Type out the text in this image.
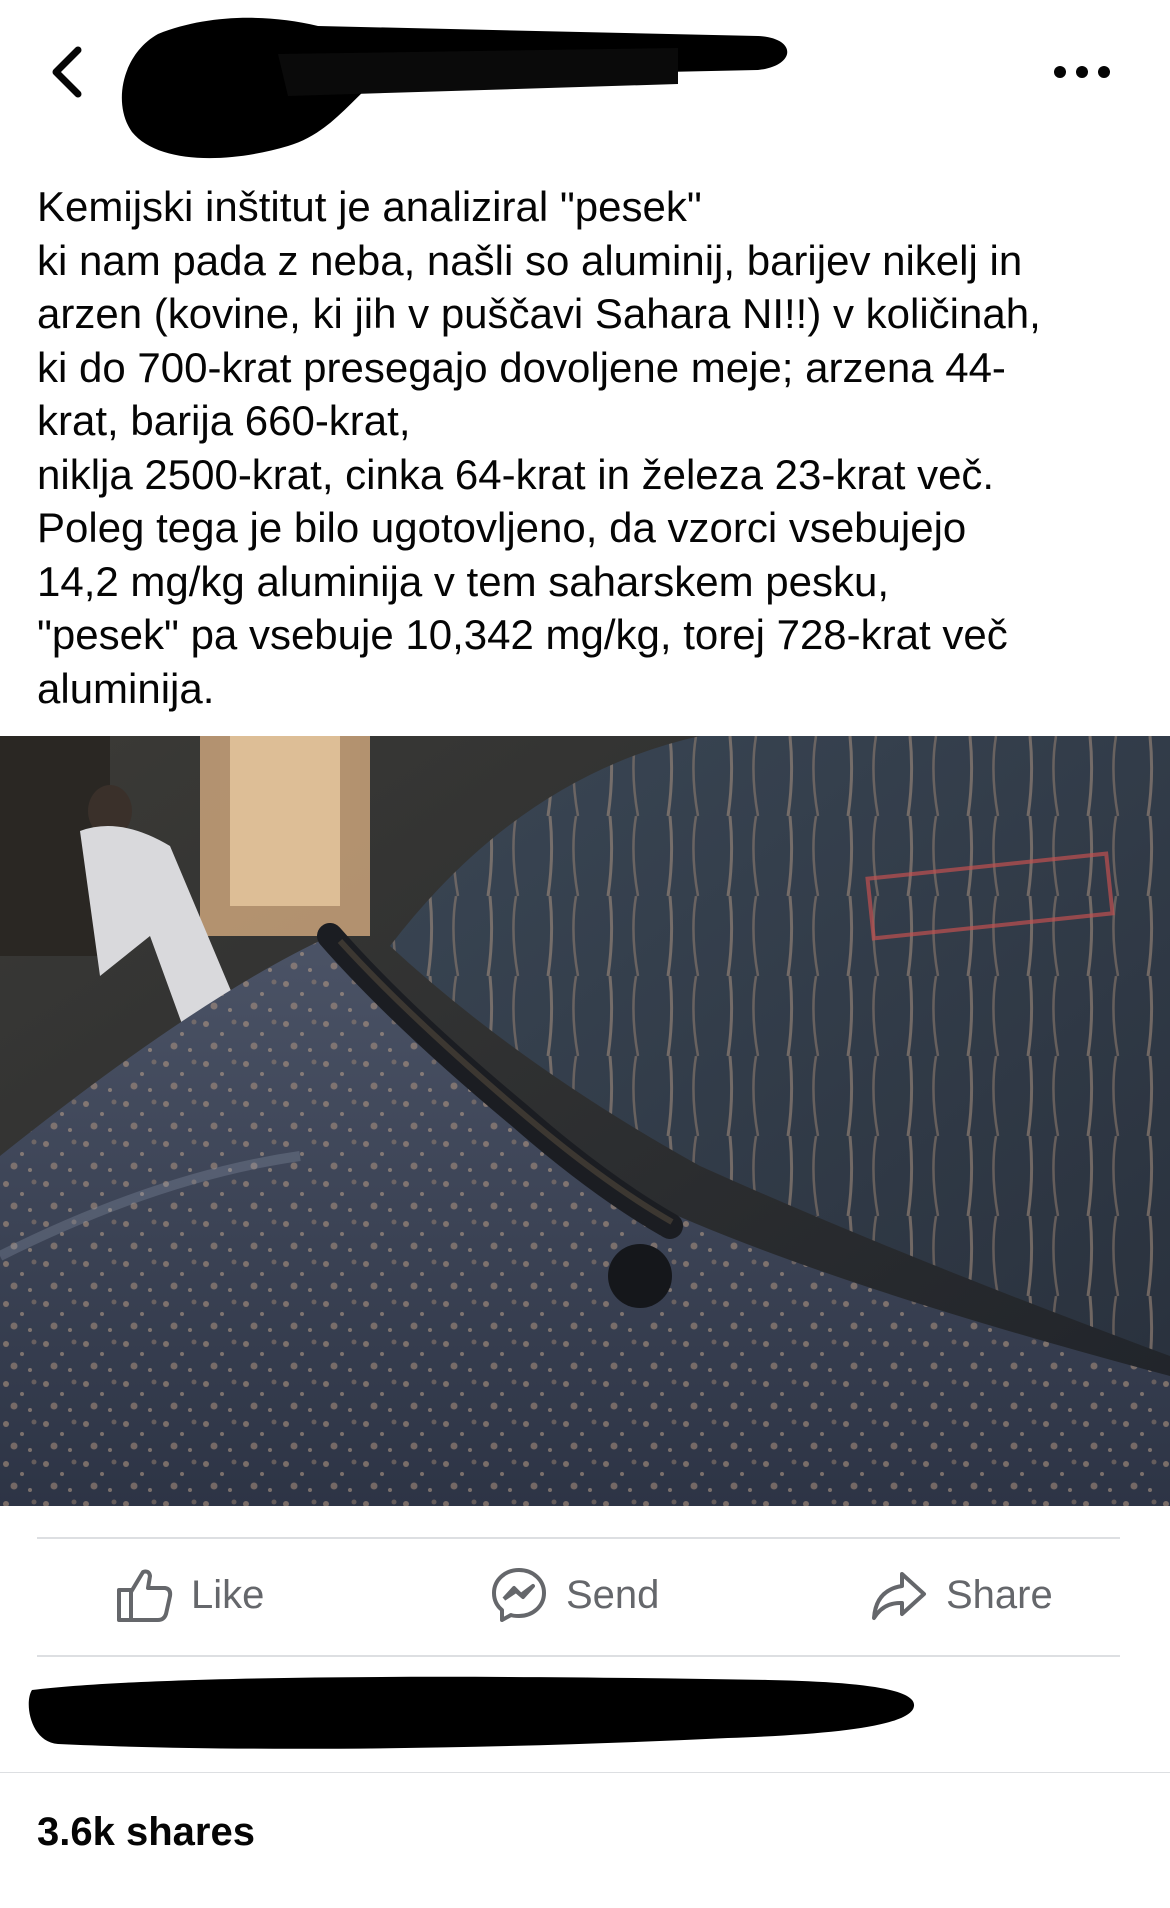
Kemijski inštitut je analiziral "pesek"
ki nam pada z neba, našli so aluminij, barijev nikelj in
arzen (kovine, ki jih v puščavi Sahara NI!!) v količinah,
ki do 700-krat presegajo dovoljene meje; arzena 44-
krat, barija 660-krat,
niklja 2500-krat, cinka 64-krat in železa 23-krat več.
Poleg tega je bilo ugotovljeno, da vzorci vsebujejo
14,2 mg/kg aluminija v tem saharskem pesku,
"pesek" pa vsebuje 10,342 mg/kg, torej 728-krat več
aluminija.
Like	Send	Share
3.6k shares
